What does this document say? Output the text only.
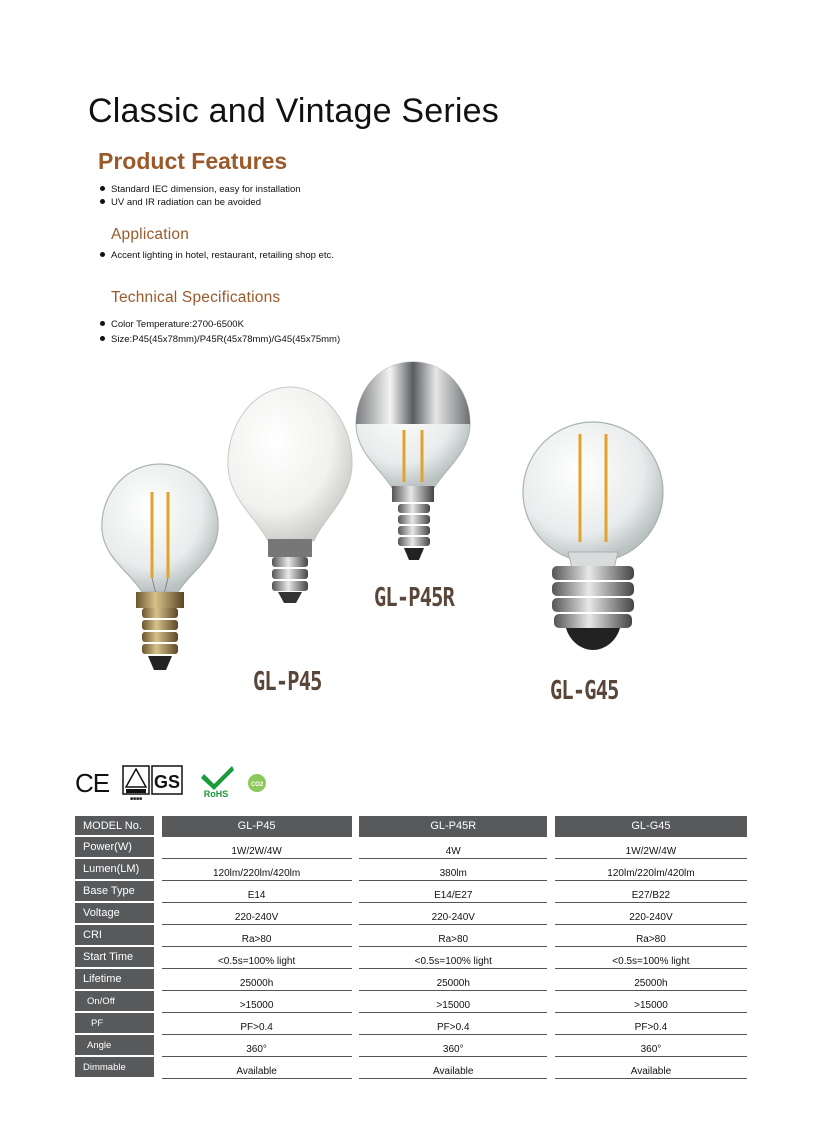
Classic and Vintage Series
Product Features
Standard IEC dimension, easy for installation
UV and IR radiation can be avoided
Application
Accent lighting in hotel, restaurant, retailing shop etc.
Technical Specifications
Color Temperature:2700-6500K
Size:P45(45x78mm)/P45R(45x78mm)/G45(45x75mm)
GL-P45R
GL-P45	GL-G45
CE GS
■■■■	RoHS
CO2
MODEL No.		GL-P45		GL-P45R		GL-G45
Power(W)		1W/2W/4W		4W		1W/2W/4W
Lumen(LM)		120lm/220lm/420lm		380lm		120lm/220lm/420lm
Base Type		E14		E14/E27		E27/B22
Voltage		220-240V		220-240V		220-240V
CRI		Ra>80		Ra>80		Ra>80
Start Time		<0.5s=100% light		<0.5s=100% light		<0.5s=100% light
Lifetime		25000h		25000h		25000h
On/Off		>15000		>15000		>15000
PF		PF>0.4		PF>0.4		PF>0.4
Angle		360°		360°		360°
Dimmable		Available		Available		Available
